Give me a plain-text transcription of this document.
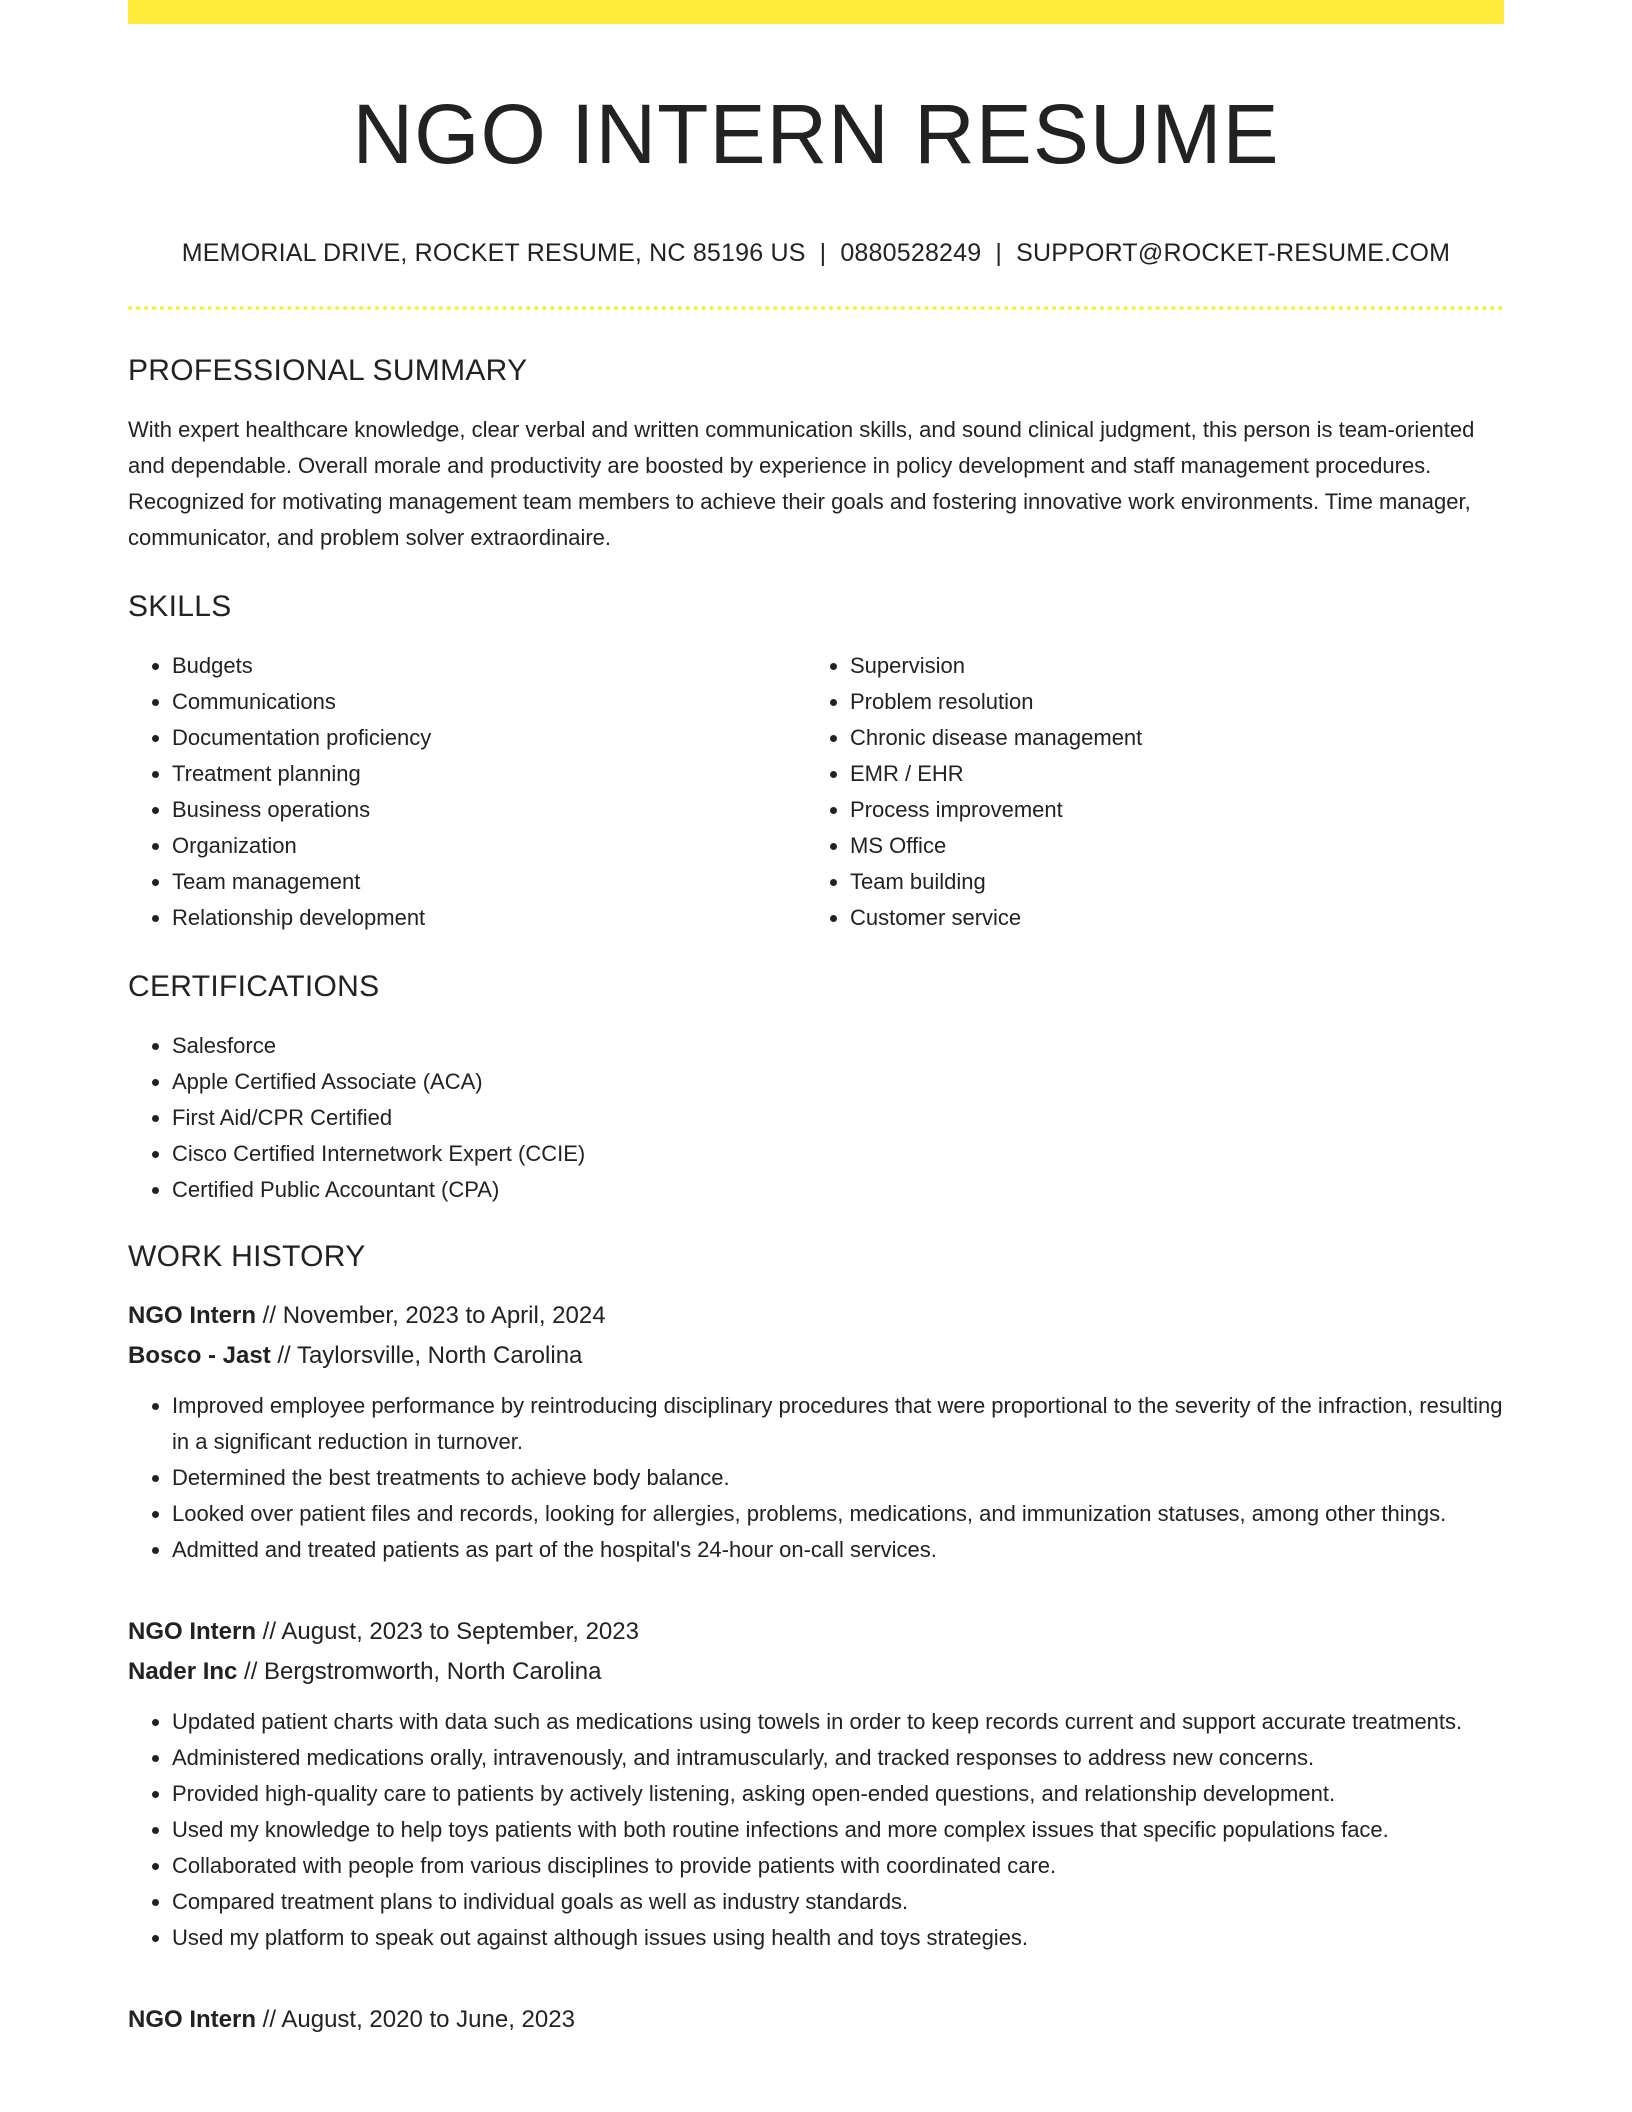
NGO INTERN RESUME
MEMORIAL DRIVE, ROCKET RESUME, NC 85196 US | 0880528249 | SUPPORT@ROCKET-RESUME.COM
PROFESSIONAL SUMMARY

With expert healthcare knowledge, clear verbal and written communication skills, and sound clinical judgment, this person is team-oriented and dependable. Overall morale and productivity are boosted by experience in policy development and staff management procedures. Recognized for motivating management team members to achieve their goals and fostering innovative work environments. Time manager, communicator, and problem solver extraordinaire.

SKILLS
• Budgets
• Communications
• Documentation proficiency
• Treatment planning
• Business operations
• Organization
• Team management
• Relationship development
• Supervision
• Problem resolution
• Chronic disease management
• EMR / EHR
• Process improvement
• MS Office
• Team building
• Customer service
CERTIFICATIONS
• Salesforce
• Apple Certified Associate (ACA)
• First Aid/CPR Certified
• Cisco Certified Internetwork Expert (CCIE)
• Certified Public Accountant (CPA)
WORK HISTORY
NGO Intern // November, 2023 to April, 2024
Bosco - Jast // Taylorsville, North Carolina
• Improved employee performance by reintroducing disciplinary procedures that were proportional to the severity of the infraction, resulting in a significant reduction in turnover.
• Determined the best treatments to achieve body balance.
• Looked over patient files and records, looking for allergies, problems, medications, and immunization statuses, among other things.
• Admitted and treated patients as part of the hospital's 24-hour on-call services.
NGO Intern // August, 2023 to September, 2023
Nader Inc // Bergstromworth, North Carolina
• Updated patient charts with data such as medications using towels in order to keep records current and support accurate treatments.
• Administered medications orally, intravenously, and intramuscularly, and tracked responses to address new concerns.
• Provided high-quality care to patients by actively listening, asking open-ended questions, and relationship development.
• Used my knowledge to help toys patients with both routine infections and more complex issues that specific populations face.
• Collaborated with people from various disciplines to provide patients with coordinated care.
• Compared treatment plans to individual goals as well as industry standards.
• Used my platform to speak out against although issues using health and toys strategies.
NGO Intern // August, 2020 to June, 2023
